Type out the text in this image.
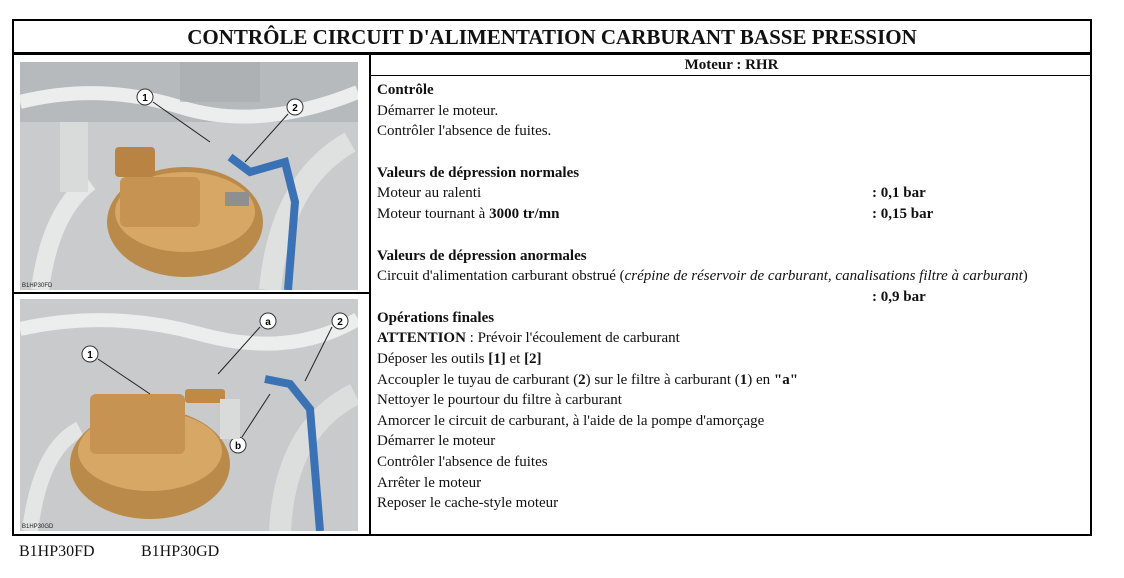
CONTRÔLE CIRCUIT D'ALIMENTATION CARBURANT BASSE PRESSION
1
2
B1HP30FD
1
a	2
b
B1HP30GD
Moteur : RHR
Contrôle
Démarrer le moteur.
Contrôler l'absence de fuites.
Valeurs de dépression normales
Moteur au ralenti	: 0,1 bar
Moteur tournant à 3000 tr/mn	: 0,15 bar
Valeurs de dépression anormales
Circuit d'alimentation carburant obstrué (crépine de réservoir de carburant, canalisations filtre à carburant)
: 0,9 bar
Opérations finales
ATTENTION : Prévoir l'écoulement de carburant
Déposer les outils [1] et [2]
Accoupler le tuyau de carburant (2) sur le filtre à carburant (1) en "a"
Nettoyer le pourtour du filtre à carburant
Amorcer le circuit de carburant, à l'aide de la pompe d'amorçage
Démarrer le moteur
Contrôler l'absence de fuites
Arrêter le moteur
Reposer le cache-style moteur
B1HP30FD	B1HP30GD
